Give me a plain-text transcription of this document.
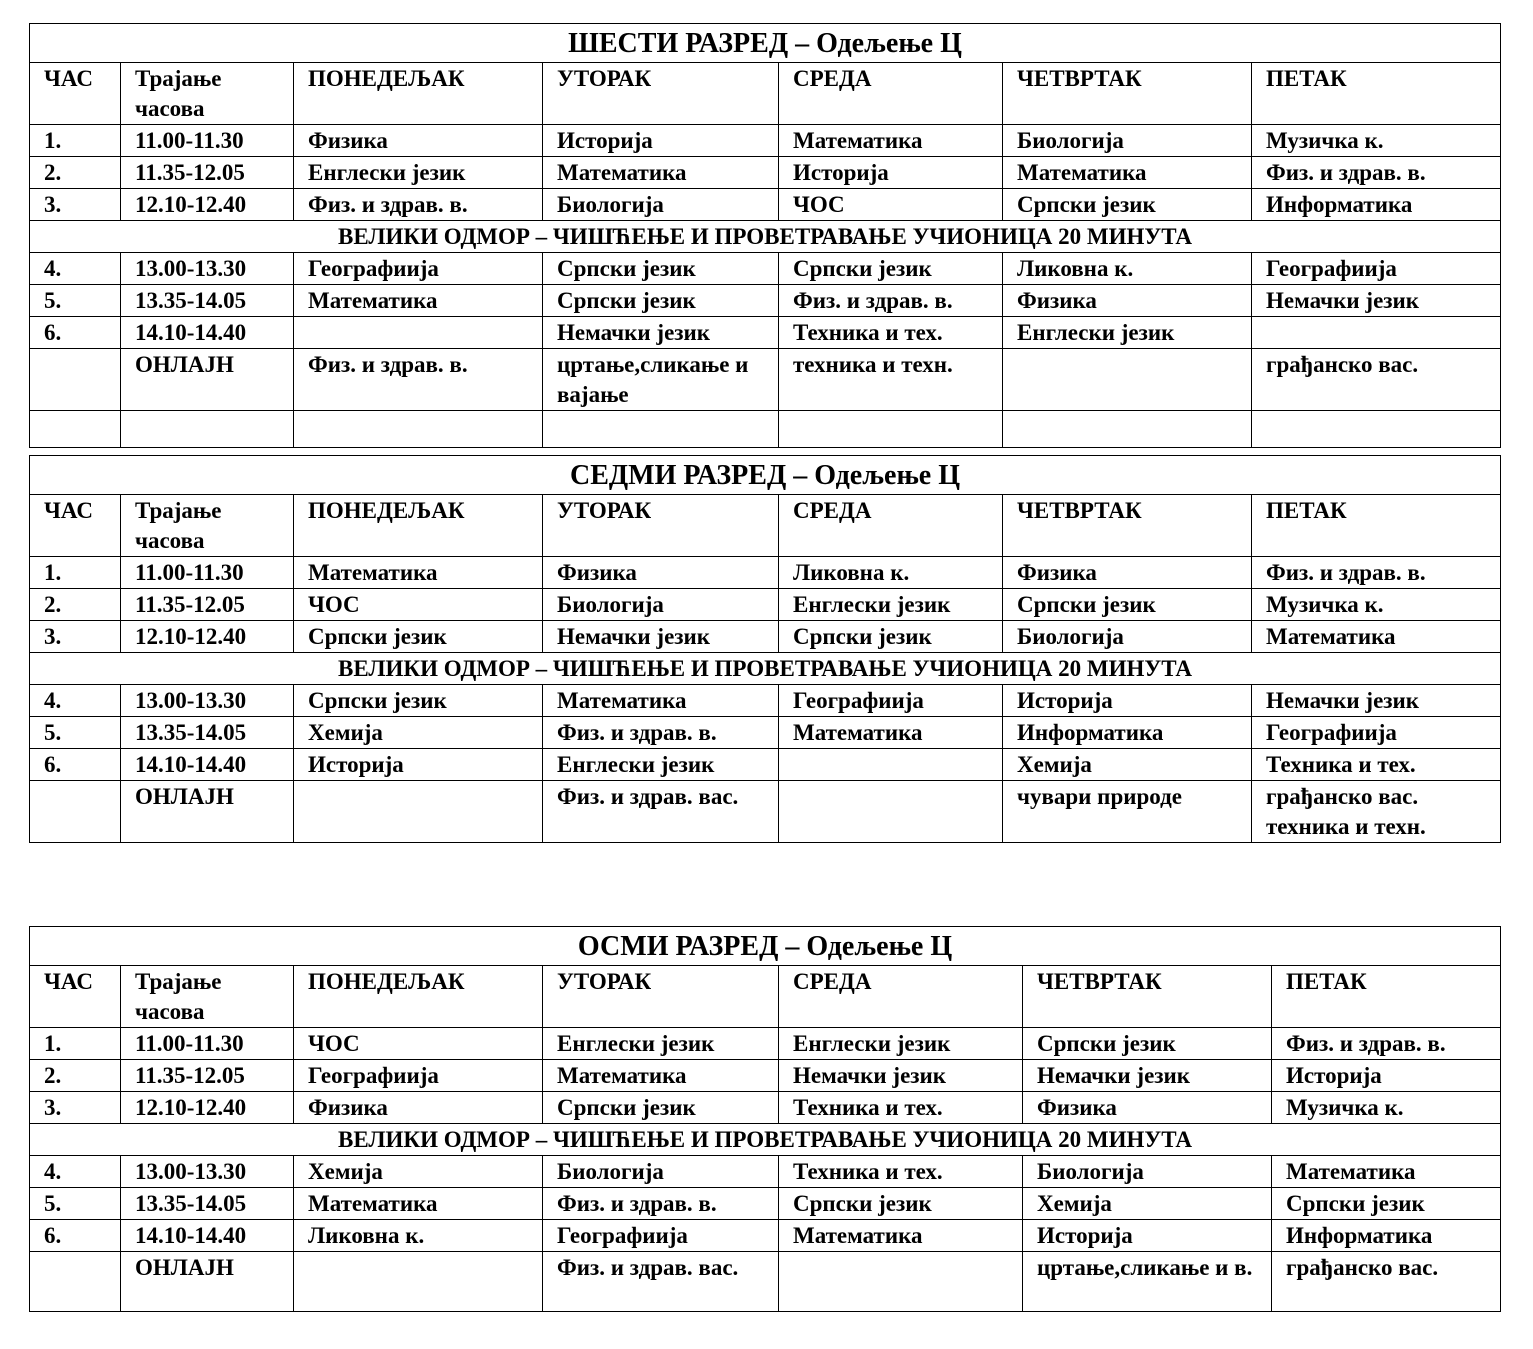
ШЕСТИ РАЗРЕД – Одељење Ц						
ЧАС	Трајање часова	ПОНЕДЕЉАК	УТОРАК	СРЕДА	ЧЕТВРТАК	ПЕТАК
1.	11.00-11.30	Физика	Историја	Математика	Биологија	Музичка к.
2.	11.35-12.05	Енглески језик	Математика	Историја	Математика	Физ. и здрав. в.
3.	12.10-12.40	Физ. и здрав. в.	Биологија	ЧОС	Српски језик	Информатика
ВЕЛИКИ ОДМОР – ЧИШЋЕЊЕ И ПРОВЕТРАВАЊЕ УЧИОНИЦА 20 МИНУТА						
4.	13.00-13.30	Географиија	Српски језик	Српски језик	Ликовна к.	Географиија
5.	13.35-14.05	Математика	Српски језик	Физ. и здрав. в.	Физика	Немачки језик
6.	14.10-14.40		Немачки језик	Техника и тех.	Енглески језик	
	ОНЛАЈН	Физ. и здрав. в.	цртање,сликање и вајање	техника и техн.		грађанско вас.

СЕДМИ РАЗРЕД – Одељење Ц						
ЧАС	Трајање часова	ПОНЕДЕЉАК	УТОРАК	СРЕДА	ЧЕТВРТАК	ПЕТАК
1.	11.00-11.30	Математика	Физика	Ликовна к.	Физика	Физ. и здрав. в.
2.	11.35-12.05	ЧОС	Биологија	Енглески језик	Српски језик	Музичка к.
3.	12.10-12.40	Српски језик	Немачки језик	Српски језик	Биологија	Математика
ВЕЛИКИ ОДМОР – ЧИШЋЕЊЕ И ПРОВЕТРАВАЊЕ УЧИОНИЦА 20 МИНУТА						
4.	13.00-13.30	Српски језик	Математика	Географиија	Историја	Немачки језик
5.	13.35-14.05	Хемија	Физ. и здрав. в.	Математика	Информатика	Географиија
6.	14.10-14.40	Историја	Енглески језик		Хемија	Техника и тех.
	ОНЛАЈН		Физ. и здрав. вас.		чувари природе	грађанско вас. техника и техн.
ОСМИ РАЗРЕД – Одељење Ц						
ЧАС	Трајање часова	ПОНЕДЕЉАК	УТОРАК	СРЕДА	ЧЕТВРТАК	ПЕТАК
1.	11.00-11.30	ЧОС	Енглески језик	Енглески језик	Српски језик	Физ. и здрав. в.
2.	11.35-12.05	Географиија	Математика	Немачки језик	Немачки језик	Историја
3.	12.10-12.40	Физика	Српски језик	Техника и тех.	Физика	Музичка к.
ВЕЛИКИ ОДМОР – ЧИШЋЕЊЕ И ПРОВЕТРАВАЊЕ УЧИОНИЦА 20 МИНУТА						
4.	13.00-13.30	Хемија	Биологија	Техника и тех.	Биологија	Математика
5.	13.35-14.05	Математика	Физ. и здрав. в.	Српски језик	Хемија	Српски језик
6.	14.10-14.40	Ликовна к.	Географиија	Математика	Историја	Информатика
	ОНЛАЈН		Физ. и здрав. вас.		цртање,сликање и в.	грађанско вас.
